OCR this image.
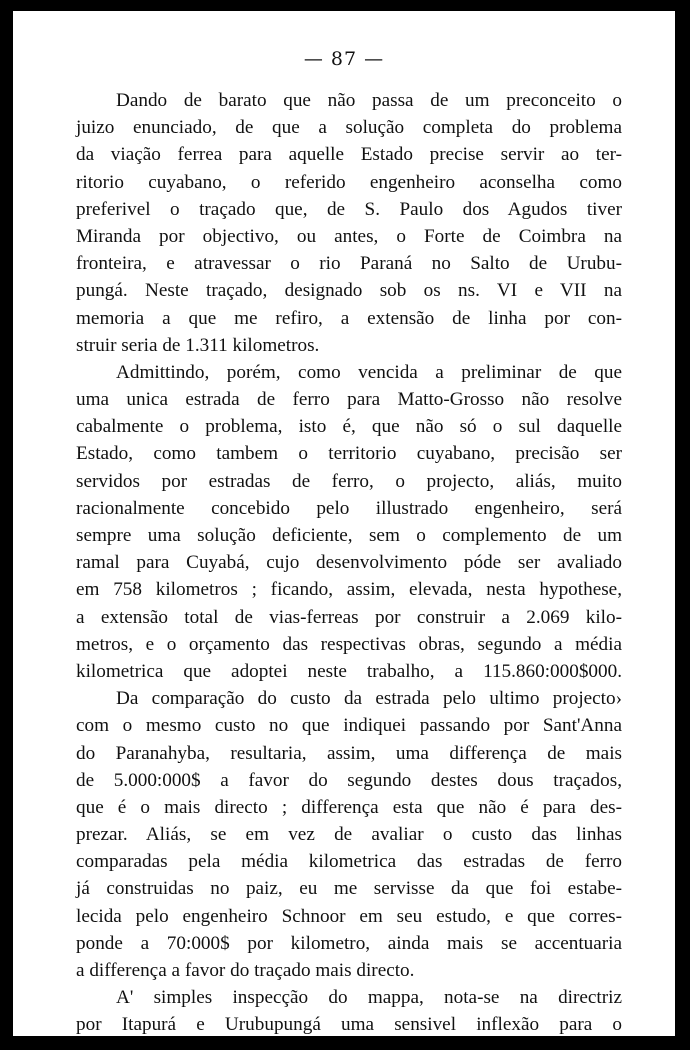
— 87 —
Dando de barato que não passa de um preconceito o
juizo enunciado, de que a solução completa do problema
da viação ferrea para aquelle Estado precise servir ao ter-
ritorio cuyabano, o referido engenheiro aconselha como
preferivel o traçado que, de S. Paulo dos Agudos tiver
Miranda por objectivo, ou antes, o Forte de Coimbra na
fronteira, e atravessar o rio Paraná no Salto de Urubu-
pungá. Neste traçado, designado sob os ns. VI e VII na
memoria a que me refiro, a extensão de linha por con-
struir seria de 1.311 kilometros.
Admittindo, porém, como vencida a preliminar de que
uma unica estrada de ferro para Matto-Grosso não resolve
cabalmente o problema, isto é, que não só o sul daquelle
Estado, como tambem o territorio cuyabano, precisão ser
servidos por estradas de ferro, o projecto, aliás, muito
racionalmente concebido pelo illustrado engenheiro, será
sempre uma solução deficiente, sem o complemento de um
ramal para Cuyabá, cujo desenvolvimento póde ser avaliado
em 758 kilometros ; ficando, assim, elevada, nesta hypothese,
a extensão total de vias-ferreas por construir a 2.069 kilo-
metros, e o orçamento das respectivas obras, segundo a média
kilometrica que adoptei neste trabalho, a 115.860:000$000.
Da comparação do custo da estrada pelo ultimo projecto›
com o mesmo custo no que indiquei passando por Sant'Anna
do Paranahyba, resultaria, assim, uma differença de mais
de 5.000:000$ a favor do segundo destes dous traçados,
que é o mais directo ; differença esta que não é para des-
prezar. Aliás, se em vez de avaliar o custo das linhas
comparadas pela média kilometrica das estradas de ferro
já construidas no paiz, eu me servisse da que foi estabe-
lecida pelo engenheiro Schnoor em seu estudo, e que corres-
ponde a 70:000$ por kilometro, ainda mais se accentuaria
a differença a favor do traçado mais directo.
A' simples inspecção do mappa, nota-se na directriz
por Itapurá e Urubupungá uma sensivel inflexão para o
